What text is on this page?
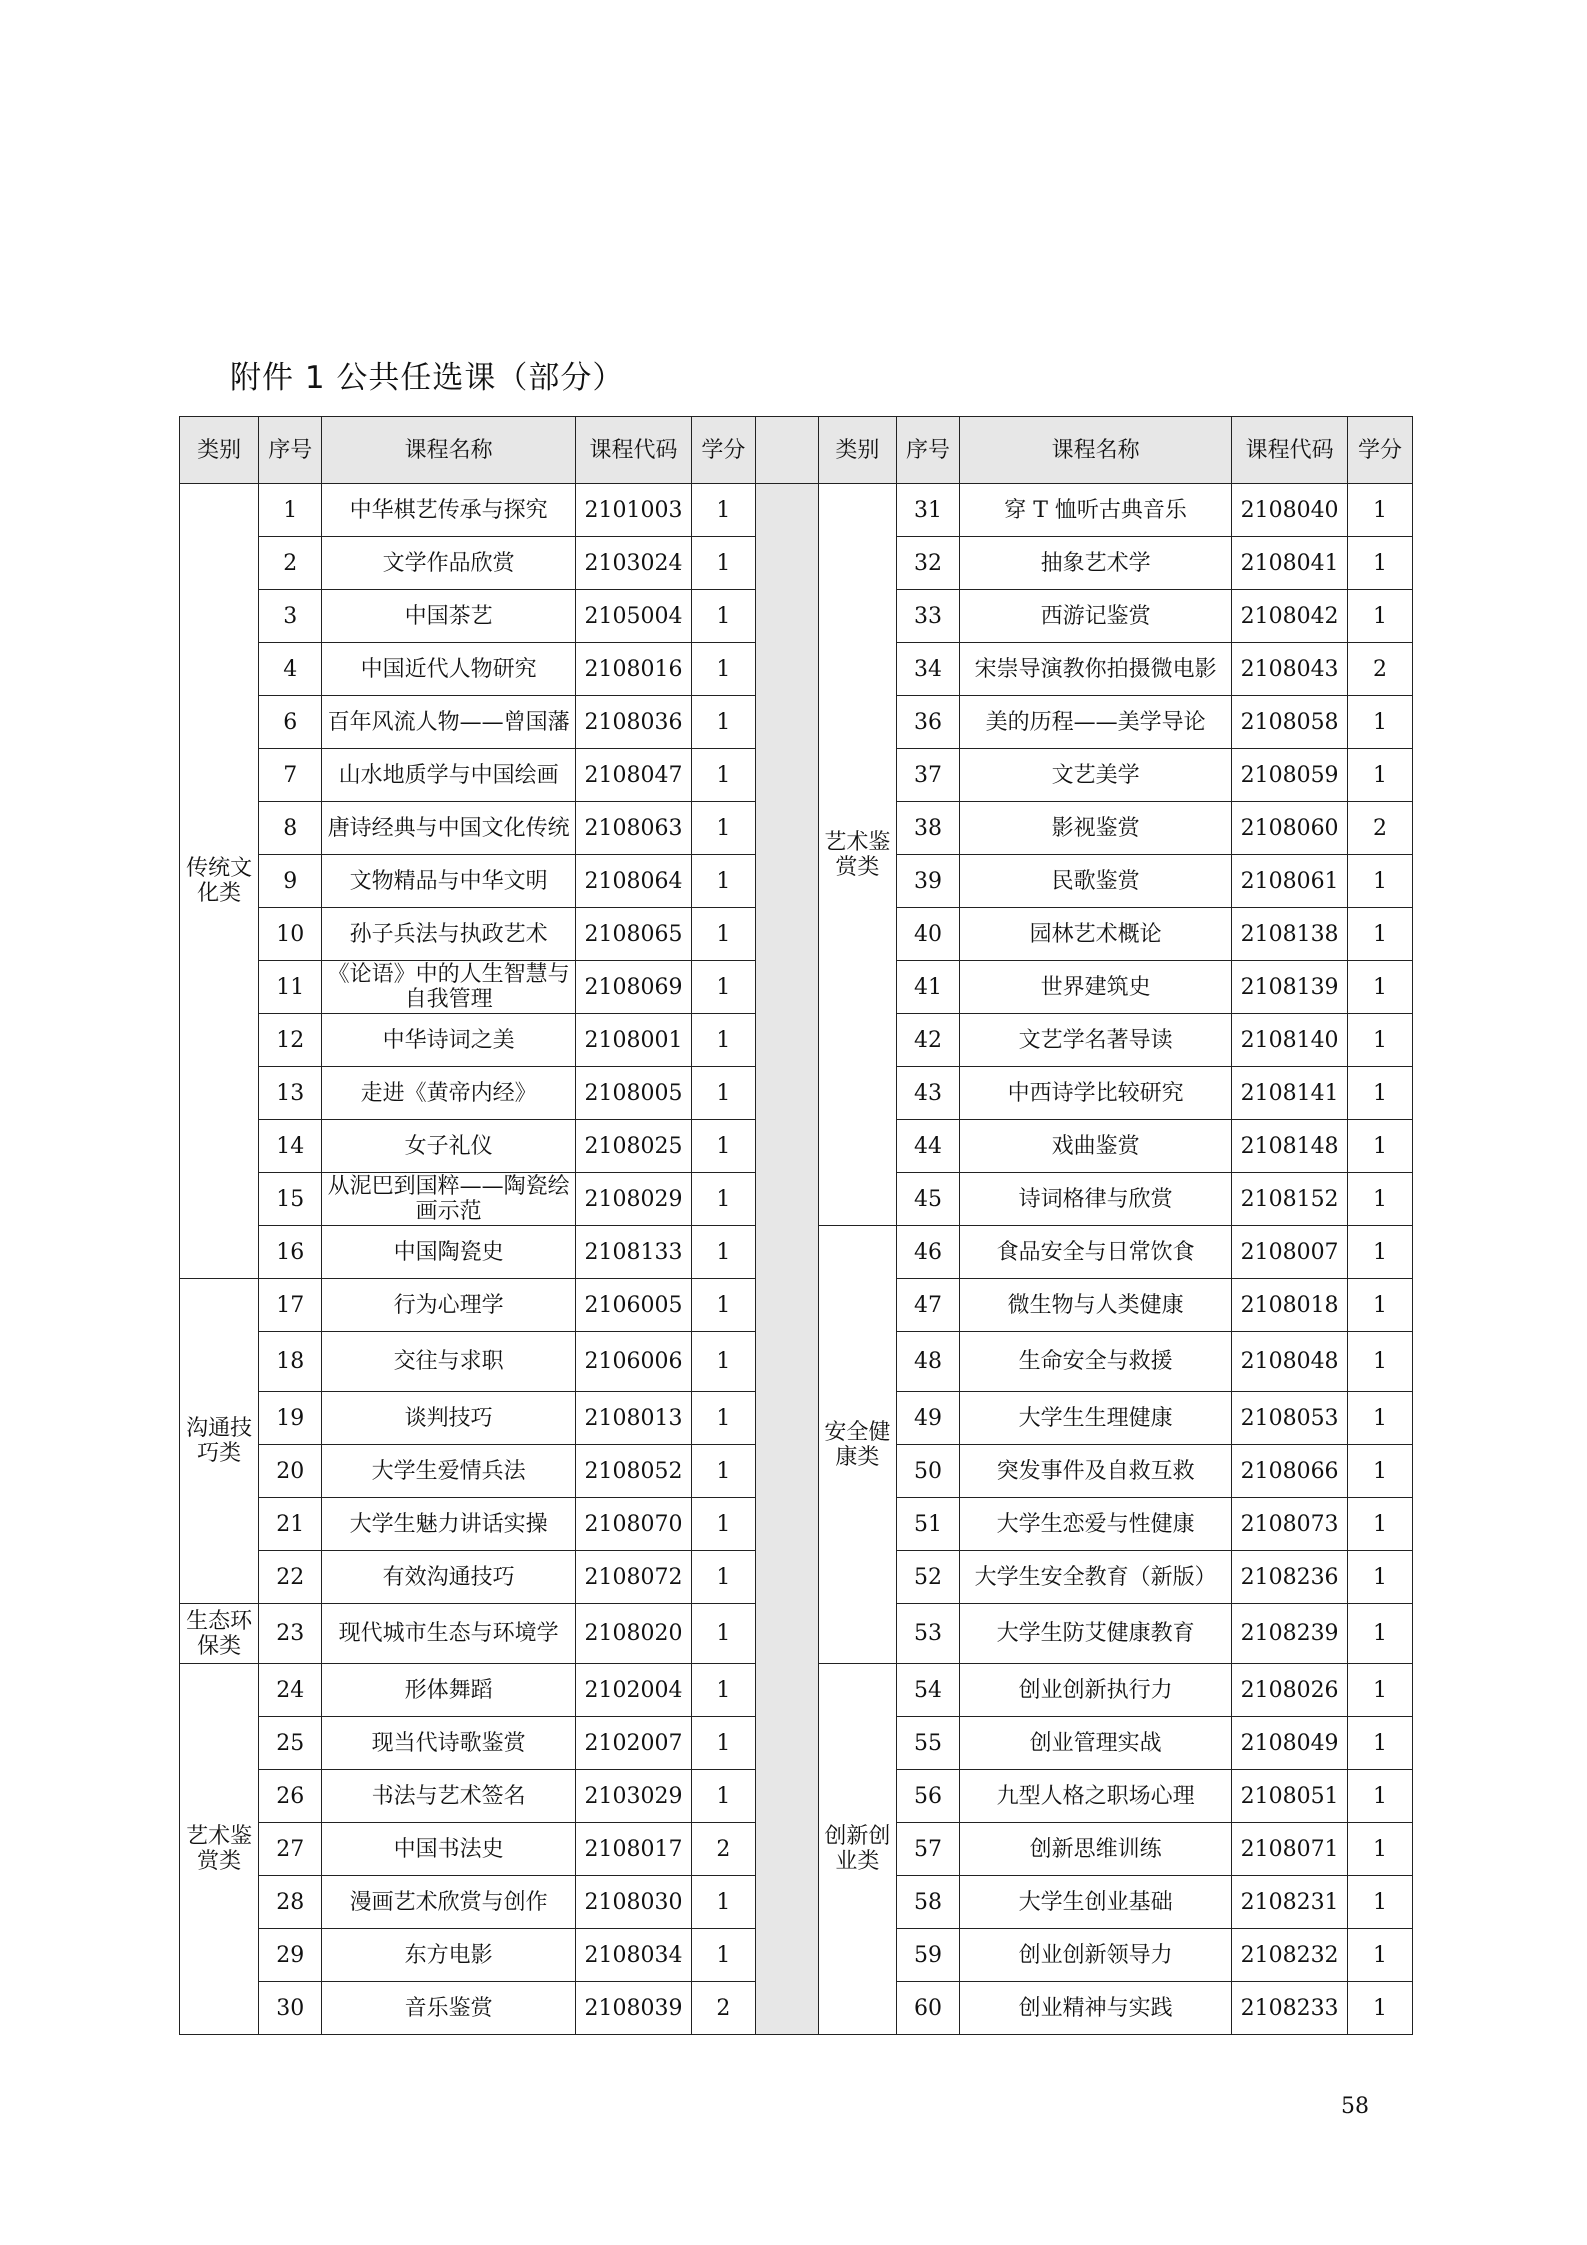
附件 1 公共任选课（部分）
类别	序号	课程名称	课程代码	学分		类别	序号	课程名称	课程代码	学分
传统文化类	1	中华棋艺传承与探究	2101003	1		艺术鉴赏类	31	穿 T 恤听古典音乐	2108040	1
	2	文学作品欣赏	2103024	1			32	抽象艺术学	2108041	1
	3	中国茶艺	2105004	1			33	西游记鉴赏	2108042	1
	4	中国近代人物研究	2108016	1			34	宋崇导演教你拍摄微电影	2108043	2
	6	百年风流人物——曾国藩	2108036	1			36	美的历程——美学导论	2108058	1
	7	山水地质学与中国绘画	2108047	1			37	文艺美学	2108059	1
	8	唐诗经典与中国文化传统	2108063	1			38	影视鉴赏	2108060	2
	9	文物精品与中华文明	2108064	1			39	民歌鉴赏	2108061	1
	10	孙子兵法与执政艺术	2108065	1			40	园林艺术概论	2108138	1
	11	《论语》中的人生智慧与自我管理	2108069	1			41	世界建筑史	2108139	1
	12	中华诗词之美	2108001	1			42	文艺学名著导读	2108140	1
	13	走进《黄帝内经》	2108005	1			43	中西诗学比较研究	2108141	1
	14	女子礼仪	2108025	1			44	戏曲鉴赏	2108148	1
	15	从泥巴到国粹——陶瓷绘画示范	2108029	1			45	诗词格律与欣赏	2108152	1
	16	中国陶瓷史	2108133	1		安全健康类	46	食品安全与日常饮食	2108007	1
沟通技巧类	17	行为心理学	2106005	1			47	微生物与人类健康	2108018	1
	18	交往与求职	2106006	1			48	生命安全与救援	2108048	1
	19	谈判技巧	2108013	1			49	大学生生理健康	2108053	1
	20	大学生爱情兵法	2108052	1			50	突发事件及自救互救	2108066	1
	21	大学生魅力讲话实操	2108070	1			51	大学生恋爱与性健康	2108073	1
	22	有效沟通技巧	2108072	1			52	大学生安全教育（新版）	2108236	1
生态环保类	23	现代城市生态与环境学	2108020	1			53	大学生防艾健康教育	2108239	1
艺术鉴赏类	24	形体舞蹈	2102004	1		创新创业类	54	创业创新执行力	2108026	1
	25	现当代诗歌鉴赏	2102007	1			55	创业管理实战	2108049	1
	26	书法与艺术签名	2103029	1			56	九型人格之职场心理	2108051	1
	27	中国书法史	2108017	2			57	创新思维训练	2108071	1
	28	漫画艺术欣赏与创作	2108030	1			58	大学生创业基础	2108231	1
	29	东方电影	2108034	1			59	创业创新领导力	2108232	1
	30	音乐鉴赏	2108039	2			60	创业精神与实践	2108233	1
58
